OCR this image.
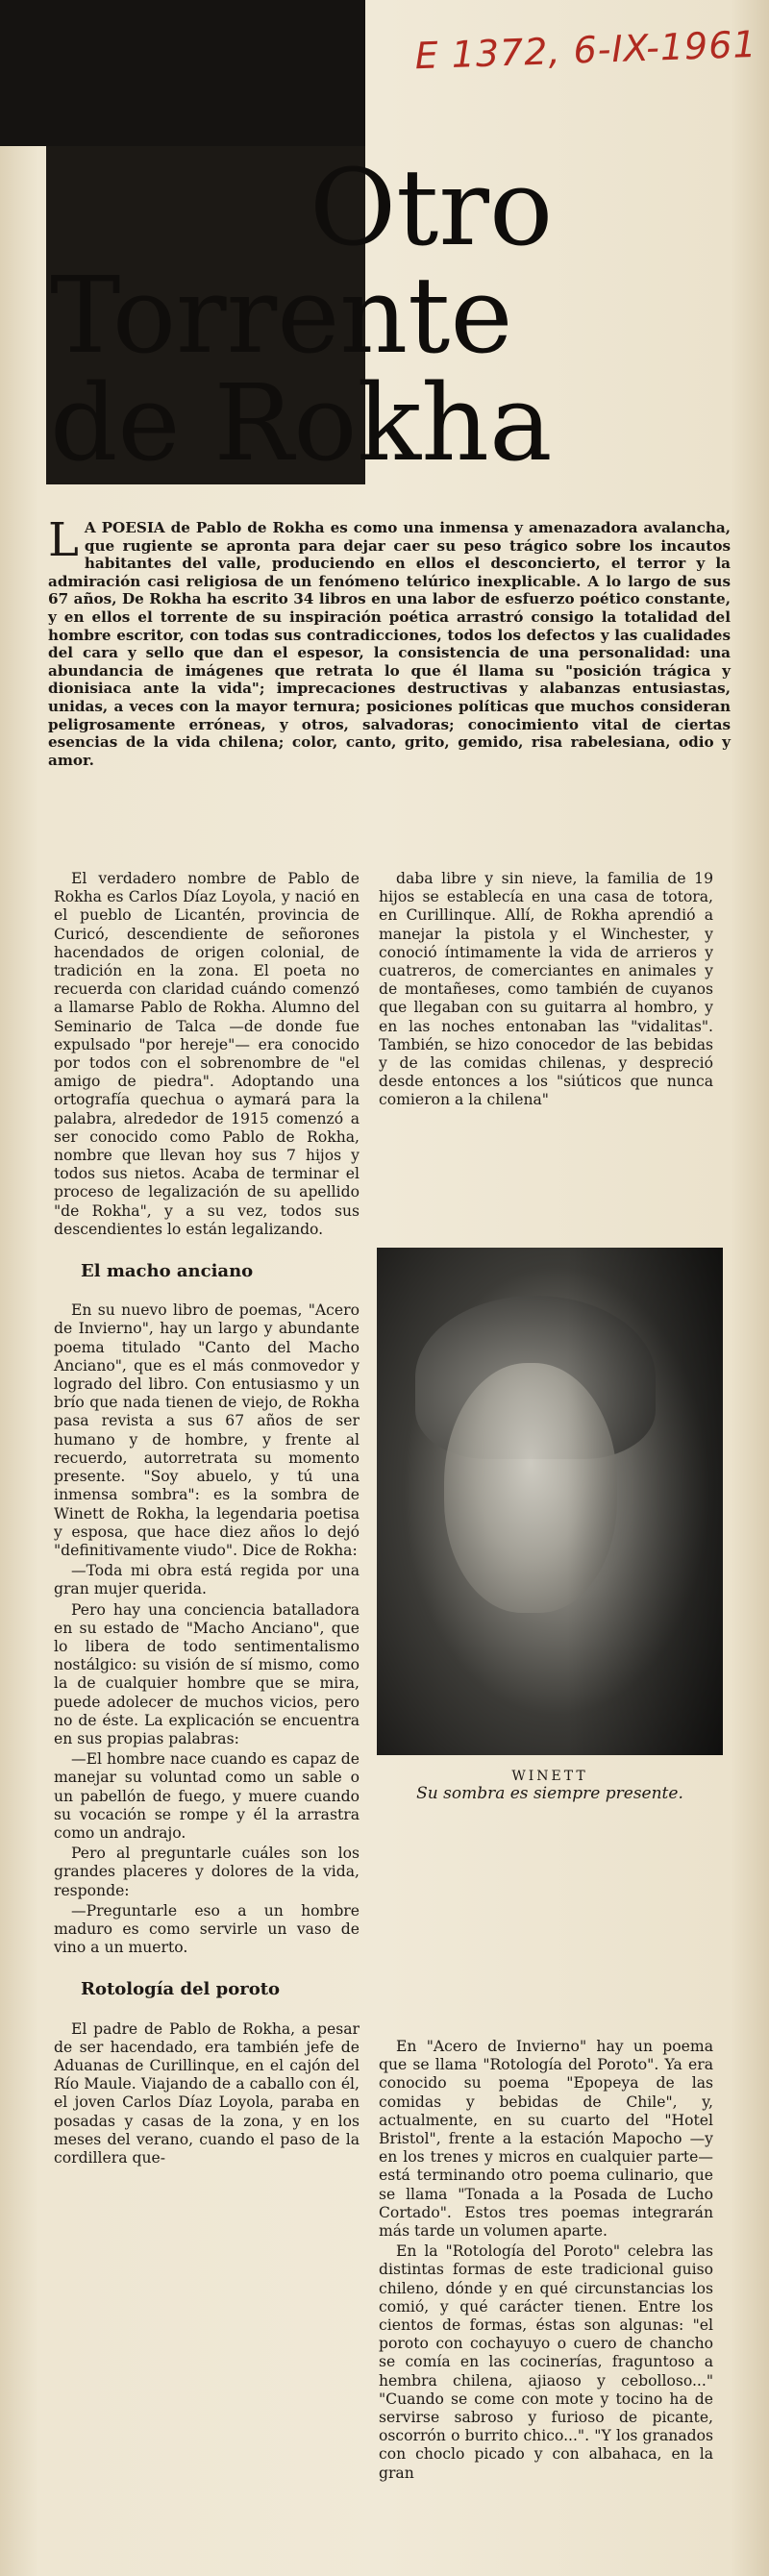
E 1372, 6-IX-1961
Otro
Torrente
de Rokha
L A POESIA de Pablo de Rokha es como una inmensa y amenazadora avalancha, que rugiente se aprontа para dejar caer su peso trágico sobre los incautos habitantes del valle, produciendo en ellos el desconcierto, el terror y la admiración casi religiosa de un fenómeno telúrico inexplicable. A lo largo de sus 67 años, De Rokha ha escrito 34 libros en una labor de esfuerzo poético constante, y en ellos el torrente de su inspiración poética arrastró consigo la totalidad del hombre escritor, con todas sus contradicciones, todos los defectos y las cualidades del cara y sello que dan el espesor, la consistencia de una personalidad: una abundancia de imágenes que retrata lo que él llama su "posición trágica y dionisiaca ante la vida"; imprecaciones destructivas y alabanzas entusiastas, unidas, a veces con la mayor ternura; posiciones políticas que muchos consideran peligrosamente erróneas, y otros, salvadoras; conocimiento vital de ciertas esencias de la vida chilena; color, canto, grito, gemido, risa rabelesiana, odio y amor.

El verdadero nombre de Pablo de Rokha es Carlos Díaz Loyola, y nació en el pueblo de Licantén, provincia de Curicó, descendiente de señorones hacendados de origen colonial, de tradición en la zona. El poeta no recuerda con claridad cuándo comenzó a llamarse Pablo de Rokha. Alumno del Seminario de Talca —de donde fue expulsado "por hereje"— era conocido por todos con el sobrenombre de "el amigo de piedra". Adoptando una ortografía quechua o aymará para la palabra, alrededor de 1915 comenzó a ser conocido como Pablo de Rokha, nombre que llevan hoy sus 7 hijos y todos sus nietos. Acaba de terminar el proceso de legalización de su apellido "de Rokha", y a su vez, todos sus descendientes lo están legalizando.

El macho anciano

En su nuevo libro de poemas, "Acero de Invierno", hay un largo y abundante poema titulado "Canto del Macho Anciano", que es el más conmovedor y logrado del libro. Con entusiasmo y un brío que nada tienen de viejo, de Rokha pasa revista a sus 67 años de ser humano y de hombre, y frente al recuerdo, autorretrata su momento presente. "Soy abuelo, y tú una inmensa sombra": es la sombra de Winett de Rokha, la legendaria poetisa y esposa, que hace diez años lo dejó "definitivamente viudo". Dice de Rokha:

—Toda mi obra está regida por una gran mujer querida.

Pero hay una conciencia batalladora en su estado de "Macho Anciano", que lo libera de todo sentimentalismo nostálgico: su visión de sí mismo, como la de cualquier hombre que se mira, puede adolecer de muchos vicios, pero no de éste. La explicación se encuentra en sus propias palabras:

—El hombre nace cuando es capaz de manejar su voluntad como un sable o un pabellón de fuego, y muere cuando su vocación se rompe y él la arrastra como un andrajo.

Pero al preguntarle cuáles son los grandes placeres y dolores de la vida, responde:

—Preguntarle eso a un hombre maduro es como servirle un vaso de vino a un muerto.

Rotología del poroto

El padre de Pablo de Rokha, a pesar de ser hacendado, era también jefe de Aduanas de Curillinque, en el cajón del Río Maule. Viajando de a caballo con él, el joven Carlos Díaz Loyola, paraba en posadas y casas de la zona, y en los meses del verano, cuando el paso de la cordillera que-

daba libre y sin nieve, la familia de 19 hijos se establecía en una casa de totora, en Curillinque. Allí, de Rokha aprendió a manejar la pistola y el Winchester, y conoció íntimamente la vida de arrieros y cuatreros, de comerciantes en animales y de montañeses, como también de cuyanos que llegaban con su guitarra al hombro, y en las noches entonaban las "vidalitas". También, se hizo conocedor de las bebidas y de las comidas chilenas, y despreció desde entonces a los "siúticos que nunca comieron a la chilena"

WINETT
Su sombra es siempre presente.

En "Acero de Invierno" hay un poema que se llama "Rotología del Poroto". Ya era conocido su poema "Epopeya de las comidas y bebidas de Chile", y, actualmente, en su cuarto del "Hotel Bristol", frente a la estación Mapocho —y en los trenes y micros en cualquier parte— está terminando otro poema culinario, que se llama "Tonada a la Posada de Lucho Cortado". Estos tres poemas integrarán más tarde un volumen aparte.

En la "Rotología del Poroto" celebra las distintas formas de este tradicional guiso chileno, dónde y en qué circunstancias los comió, y qué carácter tienen. Entre los cientos de formas, éstas son algunas: "el poroto con cochayuyo o cuero de chancho se comía en las cocinerías, fraguntoso a hembra chilena, ajiaoso y cebolloso..." "Cuando se come con mote y tocino ha de servirse sabroso y furioso de picante, oscorrón o burrito chico...". "Y los granados con choclo picado y con albahaca, en la gran
